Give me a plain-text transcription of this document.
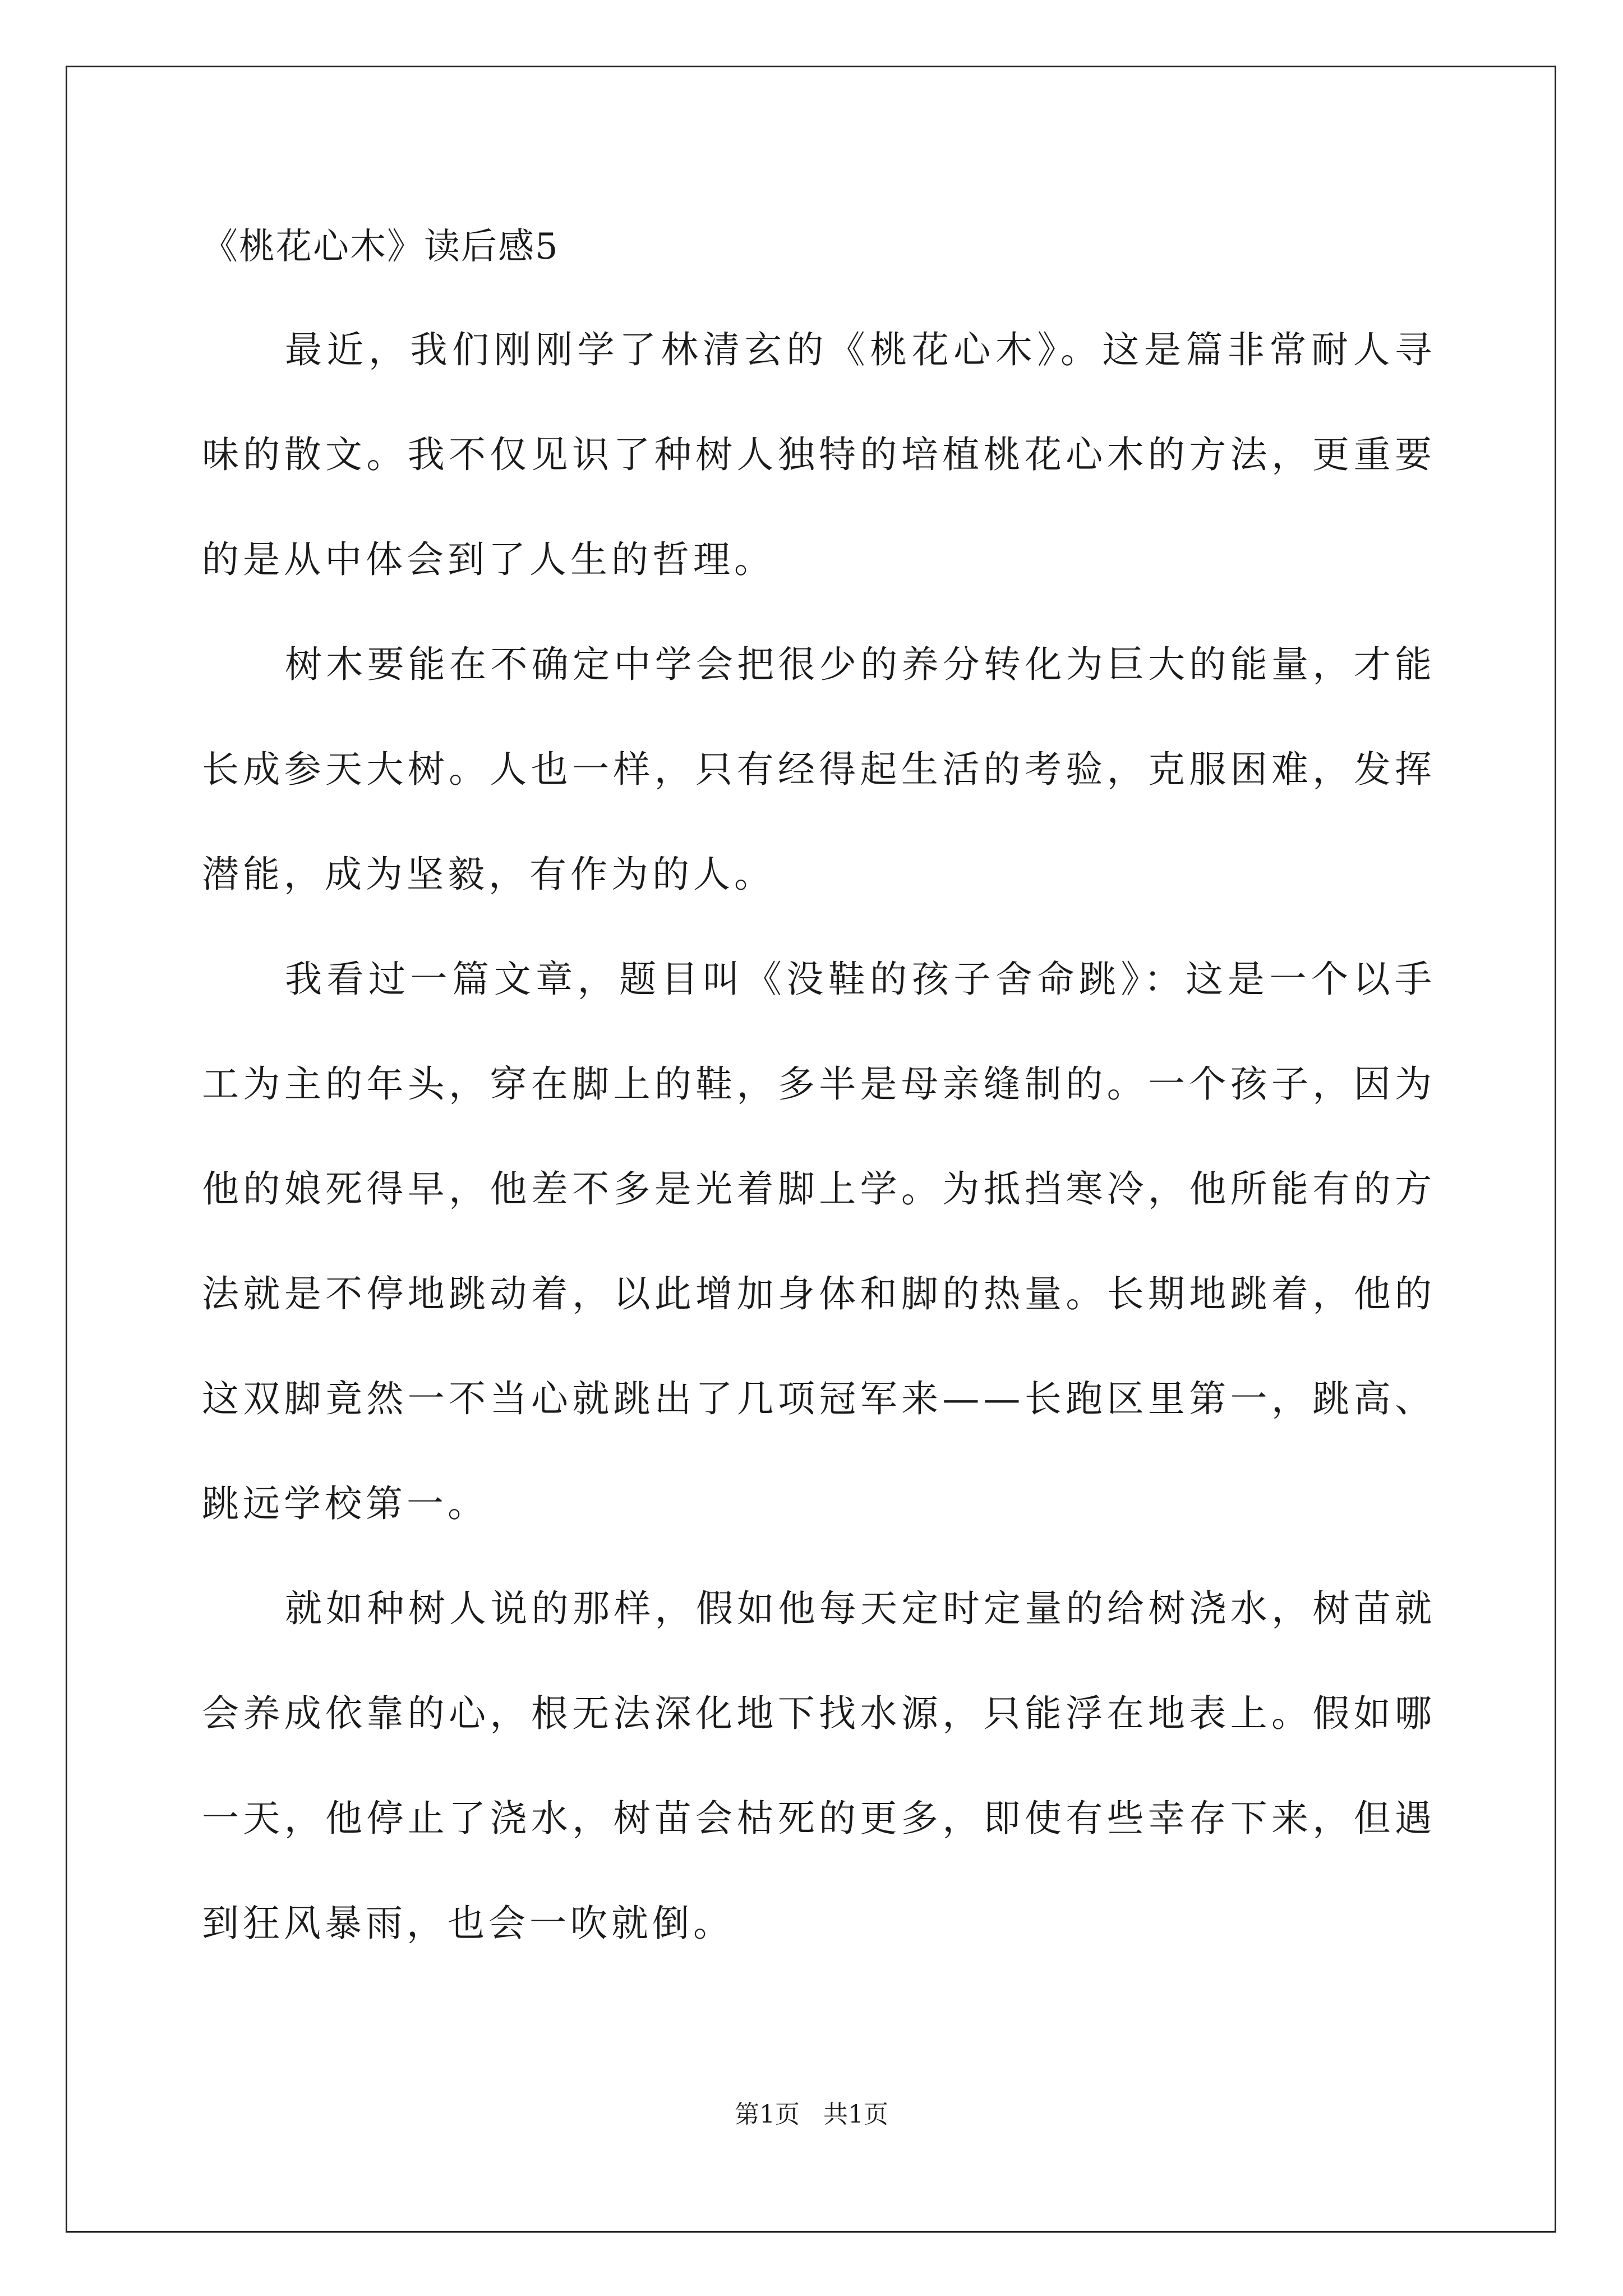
《桃花心木》读后感5

最近，我们刚刚学了林清玄的《桃花心木》。这是篇非常耐人寻味的散文。我不仅见识了种树人独特的培植桃花心木的方法，更重要的是从中体会到了人生的哲理。

树木要能在不确定中学会把很少的养分转化为巨大的能量，才能长成参天大树。人也一样，只有经得起生活的考验，克服困难，发挥潜能，成为坚毅，有作为的人。

我看过一篇文章，题目叫《没鞋的孩子舍命跳》：这是一个以手工为主的年头，穿在脚上的鞋，多半是母亲缝制的。一个孩子，因为他的娘死得早，他差不多是光着脚上学。为抵挡寒冷，他所能有的方法就是不停地跳动着，以此增加身体和脚的热量。长期地跳着，他的这双脚竟然一不当心就跳出了几项冠军来——长跑区里第一，跳高、跳远学校第一。

就如种树人说的那样，假如他每天定时定量的给树浇水，树苗就会养成依靠的心，根无法深化地下找水源，只能浮在地表上。假如哪一天，他停止了浇水，树苗会枯死的更多，即使有些幸存下来，但遇到狂风暴雨，也会一吹就倒。

第1页 共1页
